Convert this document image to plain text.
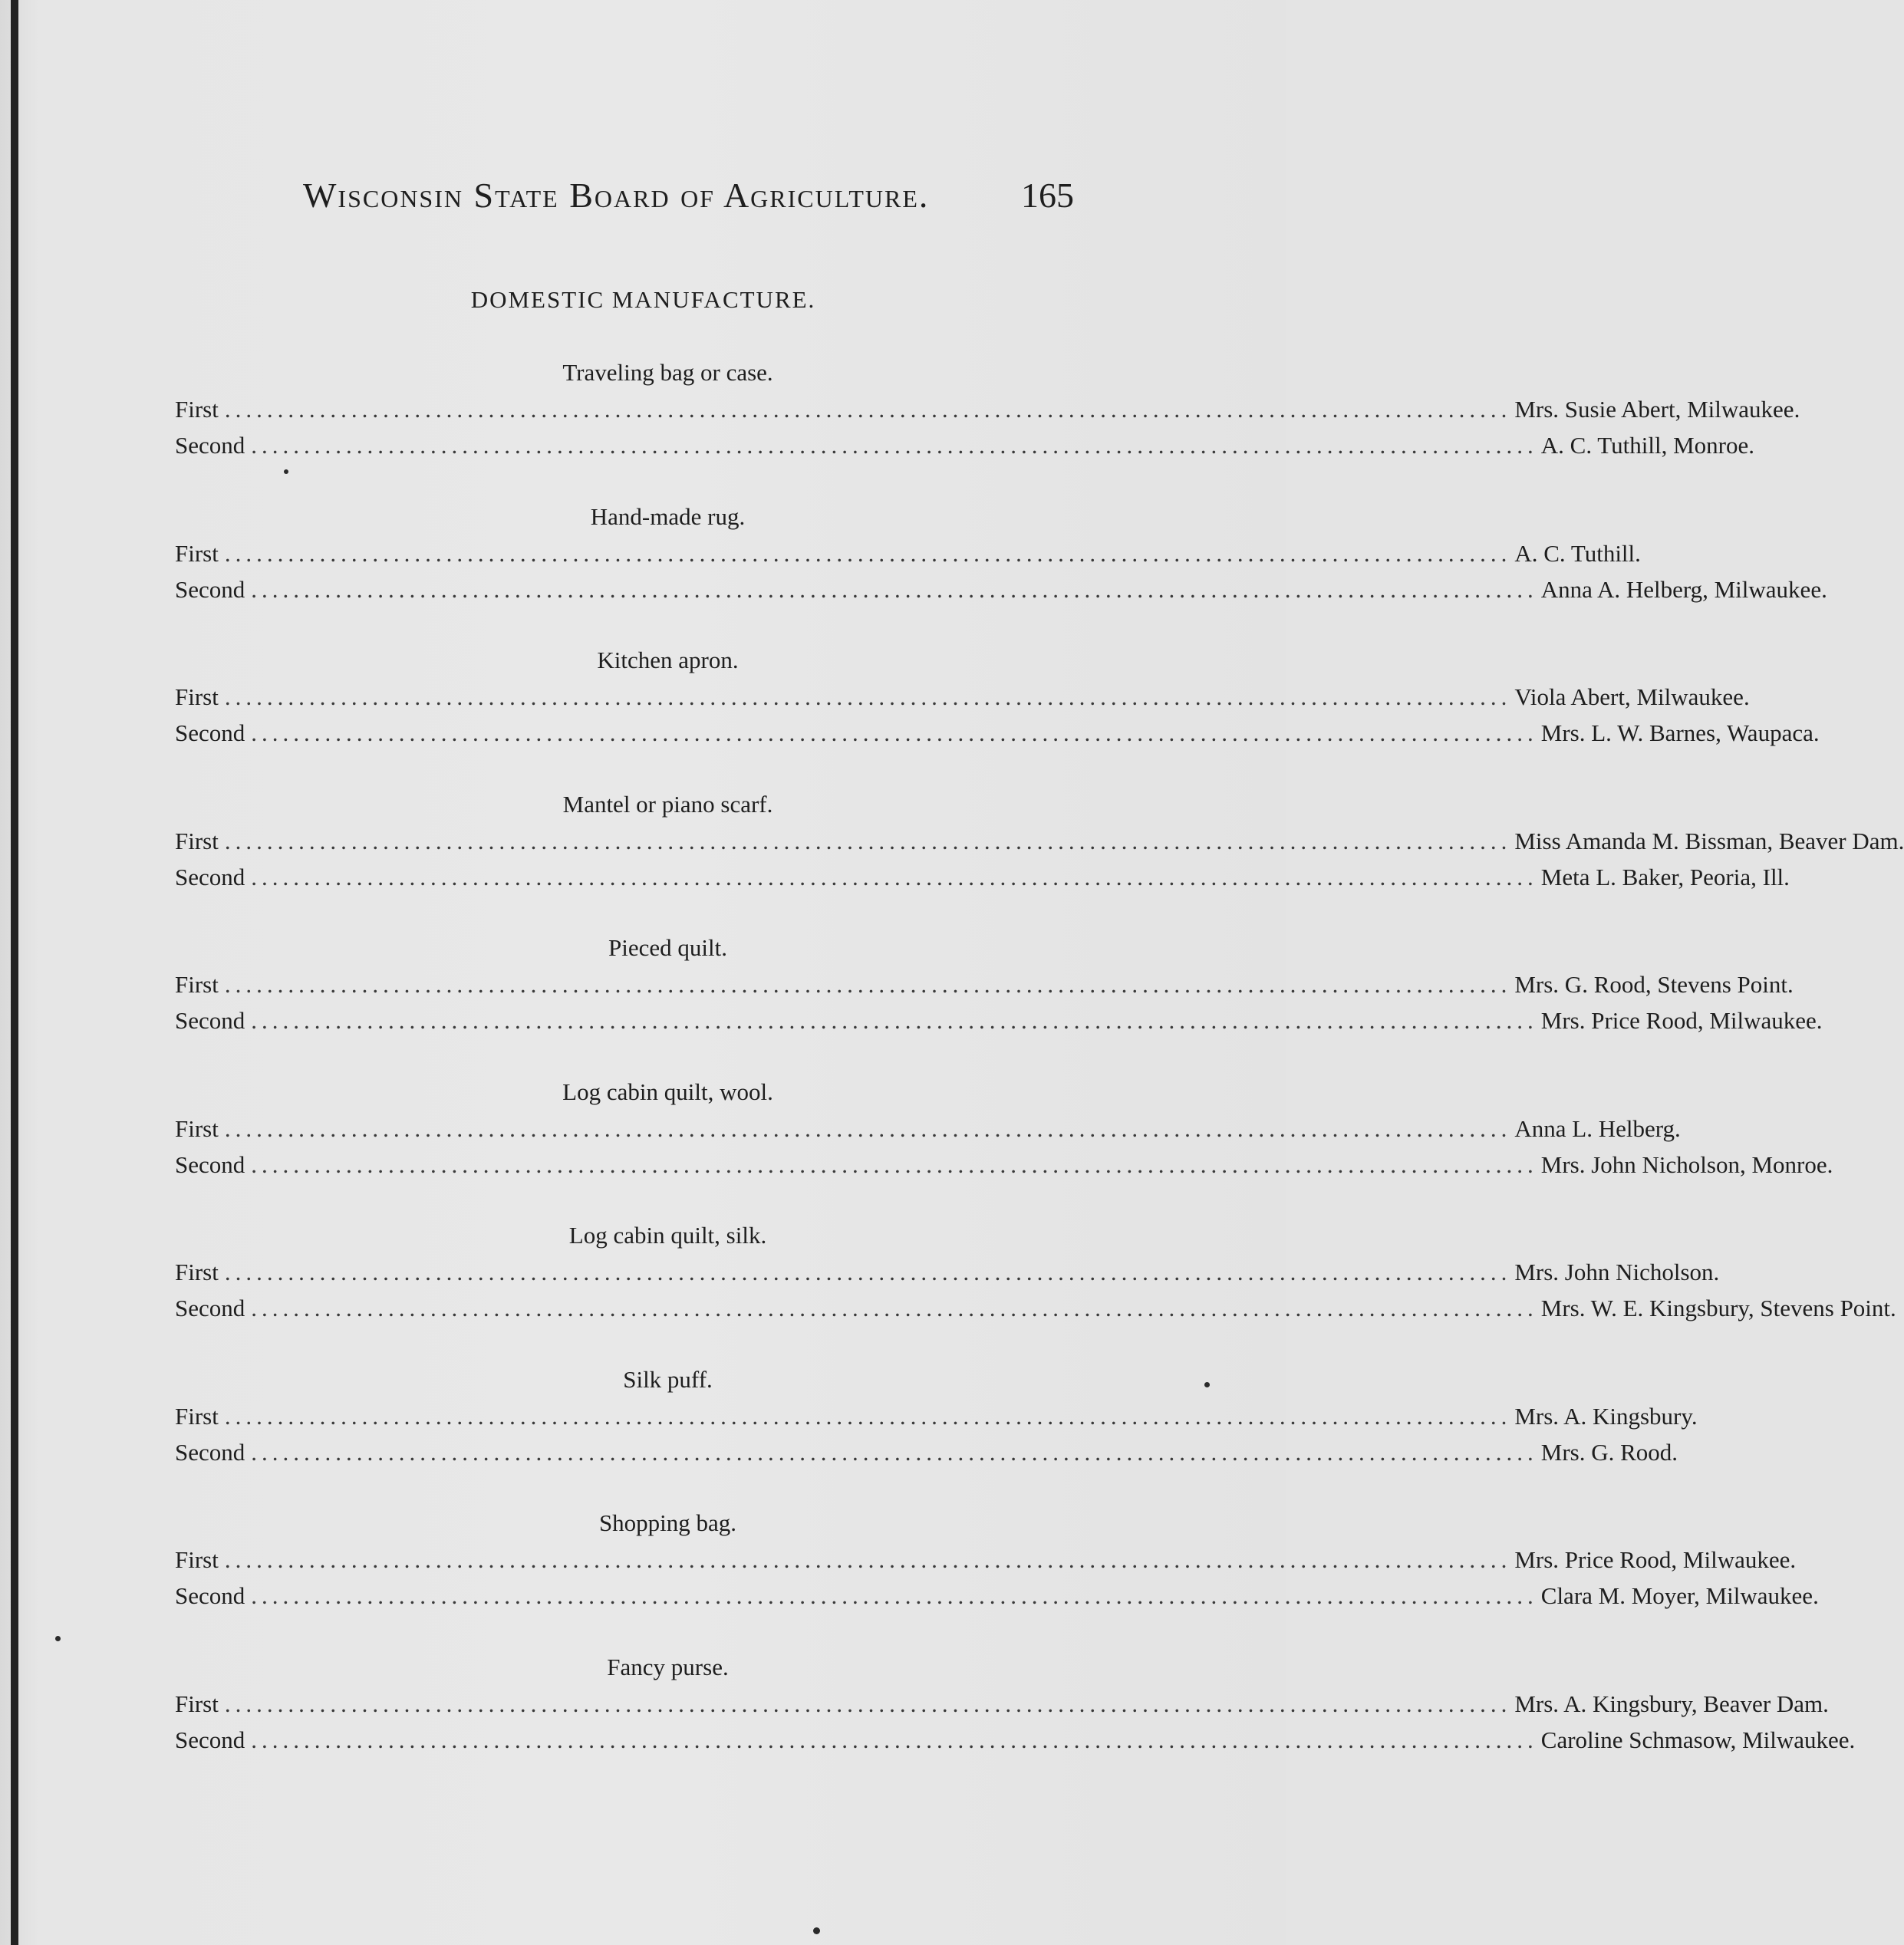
Wisconsin State Board of Agriculture.	165
DOMESTIC MANUFACTURE.
Traveling bag or case.
First .......................................................................................................................... Mrs. Susie Abert, Milwaukee.
Second .......................................................................................................................... A. C. Tuthill, Monroe.
Hand-made rug.
First .......................................................................................................................... A. C. Tuthill.
Second .......................................................................................................................... Anna A. Helberg, Milwaukee.
Kitchen apron.
First .......................................................................................................................... Viola Abert, Milwaukee.
Second .......................................................................................................................... Mrs. L. W. Barnes, Waupaca.
Mantel or piano scarf.
First .......................................................................................................................... Miss Amanda M. Bissman, Beaver Dam.
Second .......................................................................................................................... Meta L. Baker, Peoria, Ill.
Pieced quilt.
First .......................................................................................................................... Mrs. G. Rood, Stevens Point.
Second .......................................................................................................................... Mrs. Price Rood, Milwaukee.
Log cabin quilt, wool.
First .......................................................................................................................... Anna L. Helberg.
Second .......................................................................................................................... Mrs. John Nicholson, Monroe.
Log cabin quilt, silk.
First .......................................................................................................................... Mrs. John Nicholson.
Second .......................................................................................................................... Mrs. W. E. Kingsbury, Stevens Point.
Silk puff.
First .......................................................................................................................... Mrs. A. Kingsbury.
Second .......................................................................................................................... Mrs. G. Rood.
Shopping bag.
First .......................................................................................................................... Mrs. Price Rood, Milwaukee.
Second .......................................................................................................................... Clara M. Moyer, Milwaukee.
Fancy purse.
First .......................................................................................................................... Mrs. A. Kingsbury, Beaver Dam.
Second .......................................................................................................................... Caroline Schmasow, Milwaukee.
